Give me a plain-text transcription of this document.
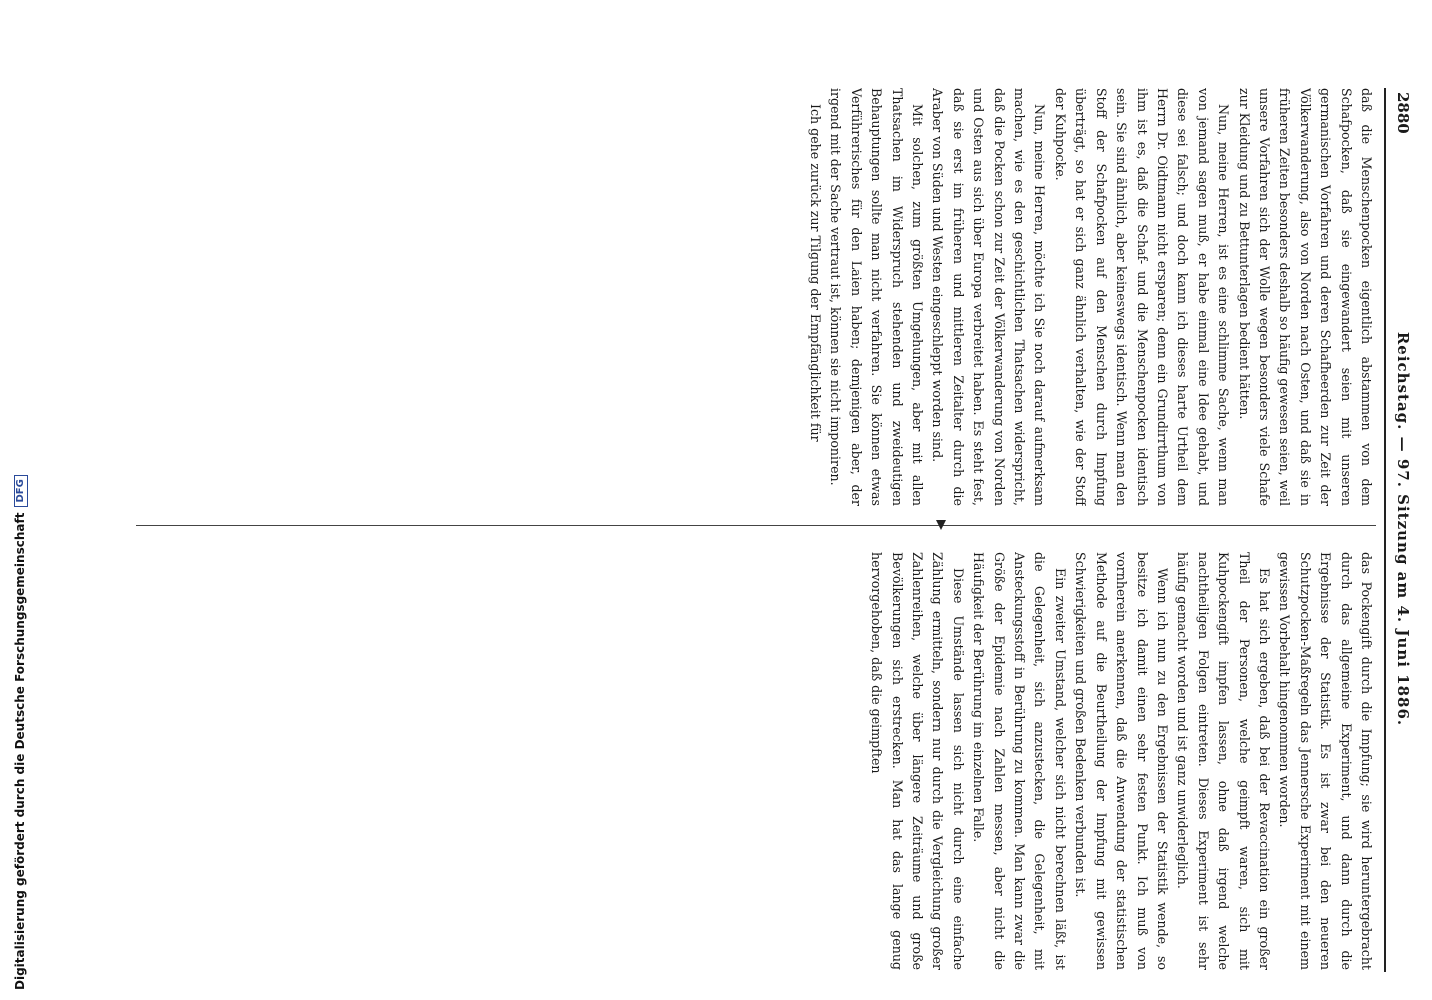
2880
Reichstag. — 97. Sitzung am 4. Juni 1886.

daß die Menschenpocken eigentlich abstammen von dem Schafpocken, daß sie eingewandert seien mit unseren germanischen Vorfahren und deren Schafheerden zur Zeit der Völkerwanderung, also von Norden nach Osten, und daß sie in früheren Zeiten besonders deshalb so häufig gewesen seien, weil unsere Vorfahren sich der Wolle wegen besonders viele Schafe zur Kleidung und zu Bettunterlagen bedient hätten.

Nun, meine Herren, ist es eine schlimme Sache, wenn man von jemand sagen muß, er habe einmal eine Idee gehabt, und diese sei falsch; und doch kann ich dieses harte Urtheil dem Herrn Dr. Oidtmann nicht ersparen; denn ein Grundirrthum von ihm ist es, daß die Schaf- und die Menschenpocken identisch sein. Sie sind ähnlich, aber keineswegs identisch. Wenn man den Stoff der Schafpocken auf den Menschen durch Impfung überträgt, so hat er sich ganz ähnlich verhalten, wie der Stoff der Kuhpocke.

Nun, meine Herren, möchte ich Sie noch darauf aufmerksam machen, wie es den geschichtlichen Thatsachen widerspricht, daß die Pocken schon zur Zeit der Völkerwanderung von Norden und Osten aus sich über Europa verbreitet haben. Es steht fest, daß sie erst im früheren und mittleren Zeitalter durch die Araber von Süden und Westen eingeschleppt worden sind.

Mit solchen, zum größten Umgehungen, aber mit allen Thatsachen im Widerspruch stehenden und zweideutigen Behauptungen sollte man nicht verfahren. Sie können etwas Verführerisches für den Laien haben; demjenigen aber, der irgend mit der Sache vertraut ist, können sie nicht imponiren.

Ich gehe zurück zur Tilgung der Empfänglichkeit für

das Pockengift durch die Impfung; sie wird heruntergebracht durch das allgemeine Experiment, und dann durch die Ergebnisse der Statistik. Es ist zwar bei den neueren Schutzpocken-Maßregeln das Jennersche Experiment mit einem gewissen Vorbehalt hingenommen worden.

Es hat sich ergeben, daß bei der Revaccination ein großer Theil der Personen, welche geimpft waren, sich mit Kuhpockengift impfen lassen, ohne daß irgend welche nachtheiligen Folgen eintreten. Dieses Experiment ist sehr häufig gemacht worden und ist ganz unwiderleglich.

Wenn ich nun zu den Ergebnissen der Statistik wende, so besitze ich damit einen sehr festen Punkt. Ich muß von vornherein anerkennen, daß die Anwendung der statistischen Methode auf die Beurtheilung der Impfung mit gewissen Schwierigkeiten und großen Bedenken verbunden ist.

Ein zweiter Umstand, welcher sich nicht berechnen läßt, ist die Gelegenheit, sich anzustecken, die Gelegenheit, mit Ansteckungsstoff in Berührung zu kommen. Man kann zwar die Größe der Epidemie nach Zahlen messen, aber nicht die Häufigkeit der Berührung im einzelnen Falle.

Diese Umstände lassen sich nicht durch eine einfache Zählung ermitteln, sondern nur durch die Vergleichung großer Zahlenreihen, welche über längere Zeiträume und große Bevölkerungen sich erstrecken. Man hat das lange genug hervorgehoben, daß die geimpften

Digitalisierung gefördert durch die Deutsche ForschungsgemeinschaftDFG
